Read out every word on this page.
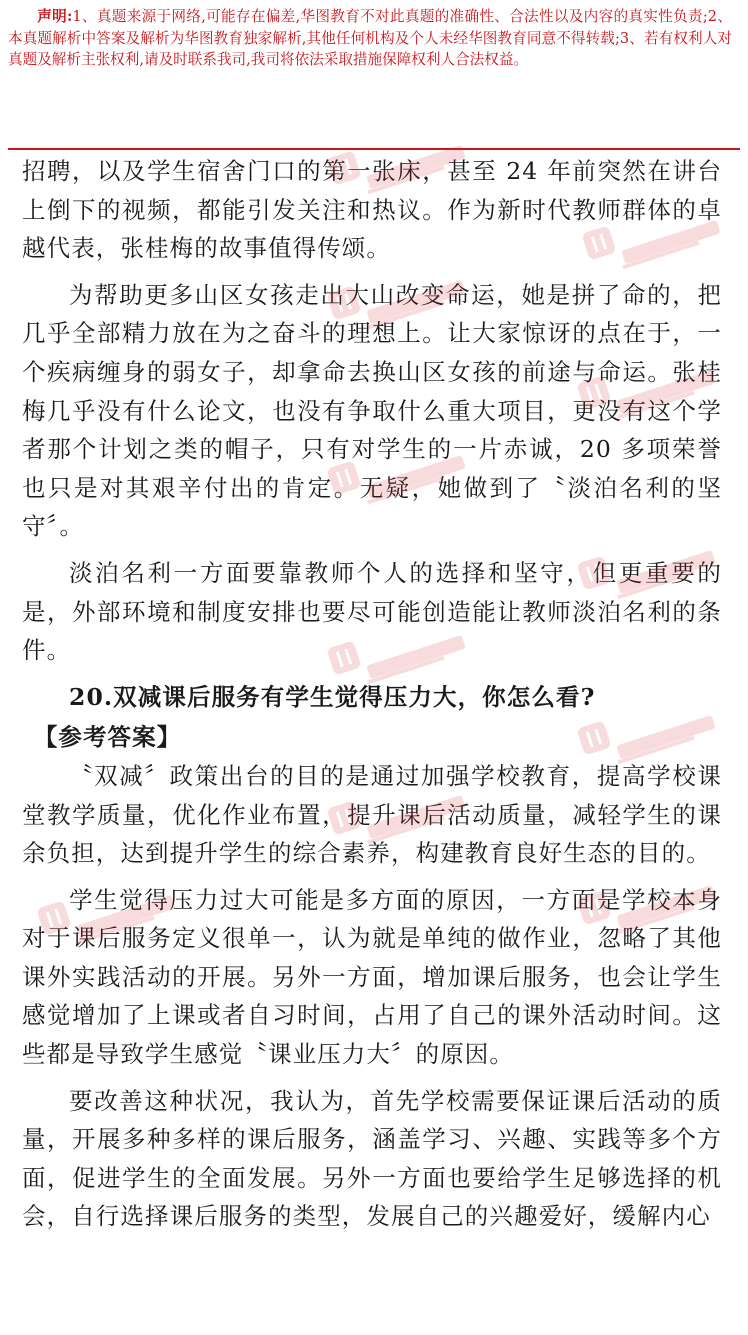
声明:1、真题来源于网络,可能存在偏差,华图教育不对此真题的准确性、合法性以及内容的真实性负责;2、本真题解析中答案及解析为华图教育独家解析,其他任何机构及个人未经华图教育同意不得转载;3、若有权利人对真题及解析主张权利,请及时联系我司,我司将依法采取措施保障权利人合法权益。

招聘，以及学生宿舍门口的第一张床，甚至 24 年前突然在讲台上倒下的视频，都能引发关注和热议。作为新时代教师群体的卓越代表，张桂梅的故事值得传颂。

为帮助更多山区女孩走出大山改变命运，她是拼了命的，把几乎全部精力放在为之奋斗的理想上。让大家惊讶的点在于，一个疾病缠身的弱女子，却拿命去换山区女孩的前途与命运。张桂梅几乎没有什么论文，也没有争取什么重大项目，更没有这个学者那个计划之类的帽子，只有对学生的一片赤诚，20 多项荣誉也只是对其艰辛付出的肯定。无疑，她做到了〝淡泊名利的坚守〞。

淡泊名利一方面要靠教师个人的选择和坚守，但更重要的是，外部环境和制度安排也要尽可能创造能让教师淡泊名利的条件。

20.双减课后服务有学生觉得压力大，你怎么看?

【参考答案】

〝双减〞政策出台的目的是通过加强学校教育，提高学校课堂教学质量，优化作业布置，提升课后活动质量，减轻学生的课余负担，达到提升学生的综合素养，构建教育良好生态的目的。

学生觉得压力过大可能是多方面的原因，一方面是学校本身对于课后服务定义很单一，认为就是单纯的做作业，忽略了其他课外实践活动的开展。另外一方面，增加课后服务，也会让学生感觉增加了上课或者自习时间，占用了自己的课外活动时间。这些都是导致学生感觉〝课业压力大〞的原因。

要改善这种状况，我认为，首先学校需要保证课后活动的质量，开展多种多样的课后服务，涵盖学习、兴趣、实践等多个方面，促进学生的全面发展。另外一方面也要给学生足够选择的机会，自行选择课后服务的类型，发展自己的兴趣爱好，缓解内心
